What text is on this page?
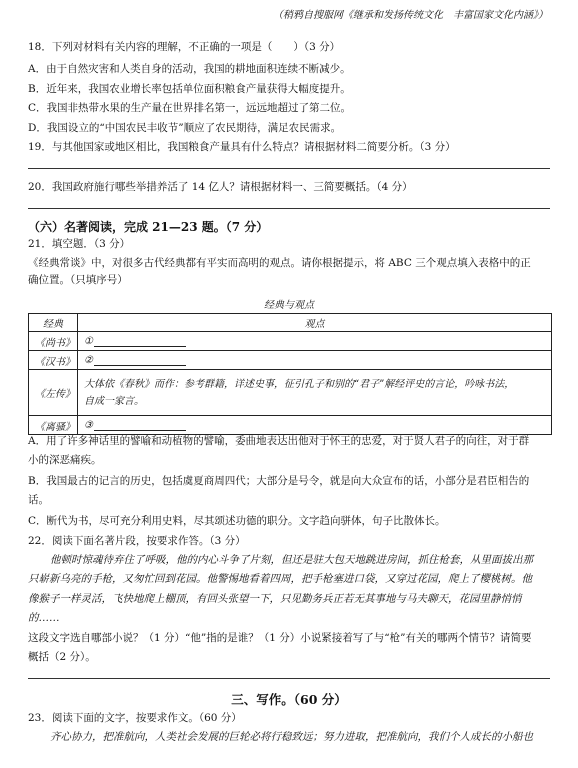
（稍鸦自搜服网《继承和发扬传统文化　丰富国家文化内涵》）
18．下列对材料有关内容的理解，不正确的一项是（　　）（3 分）
A．由于自然灾害和人类自身的活动，我国的耕地面积连续不断减少。
B．近年来，我国农业增长率包括单位面积粮食产量获得大幅度提升。
C．我国非热带水果的生产量在世界排名第一，远远地超过了第二位。
D．我国设立的“中国农民丰收节”顺应了农民期待，满足农民需求。
19．与其他国家或地区相比，我国粮食产量具有什么特点？请根据材料二简要分析。（3 分）
20．我国政府施行哪些举措养活了 14 亿人？请根据材料一、三简要概括。（4 分）
（六）名著阅读，完成 21—23 题。（7 分）
21．填空题．（3 分）
《经典常谈》中，对很多古代经典都有平实而高明的观点。请你根据提示，将 ABC 三个观点填入表格中的正
确位置。（只填序号）
经典与观点
经典	观点
《尚书》	①
《汉书》	②
《左传》	大体依《春秋》而作：参考群籍，详述史事，征引孔子和别的“君子”解经评史的言论，吟咏书法，
自成一家言。

《离骚》	③
A．用了许多神话里的譬喻和动植物的譬喻，委曲地表达出他对于怀王的忠爱，对于贤人君子的向往，对于群
小的深恶痛疾。
B．我国最古的记言的历史，包括虞夏商周四代；大部分是号令，就是向大众宣布的话，小部分是君臣相告的
话。
C．断代为书，尽可充分利用史料，尽其颂述功德的职分。文字趋向骈体，句子比散体长。
22．阅读下面名著片段，按要求作答。（3 分）
他顿时惊魂待弃住了呼吸，他的内心斗争了片刻，但还是驻大包天地跳进房间，抓住枪套，从里面拔出那
只崭新乌亮的手枪，又匆忙回到花园。他警惕地看着四周，把手枪塞进口袋，又穿过花园，爬上了樱桃树。他
像猴子一样灵活，飞快地爬上棚顶，有回头张望一下，只见勤务兵正若无其事地与马夫聊天，花园里静悄悄
的……
这段文字选自哪部小说？（1 分）“他”指的是谁？（1 分）小说紧接着写了与“枪”有关的哪两个情节？请简要
概括（2 分）。
三、写作。（60 分）
23．阅读下面的文字，按要求作文。（60 分）
齐心协力，把准航向，人类社会发展的巨轮必将行稳致远；努力进取，把准航向，我们个人成长的小船也
